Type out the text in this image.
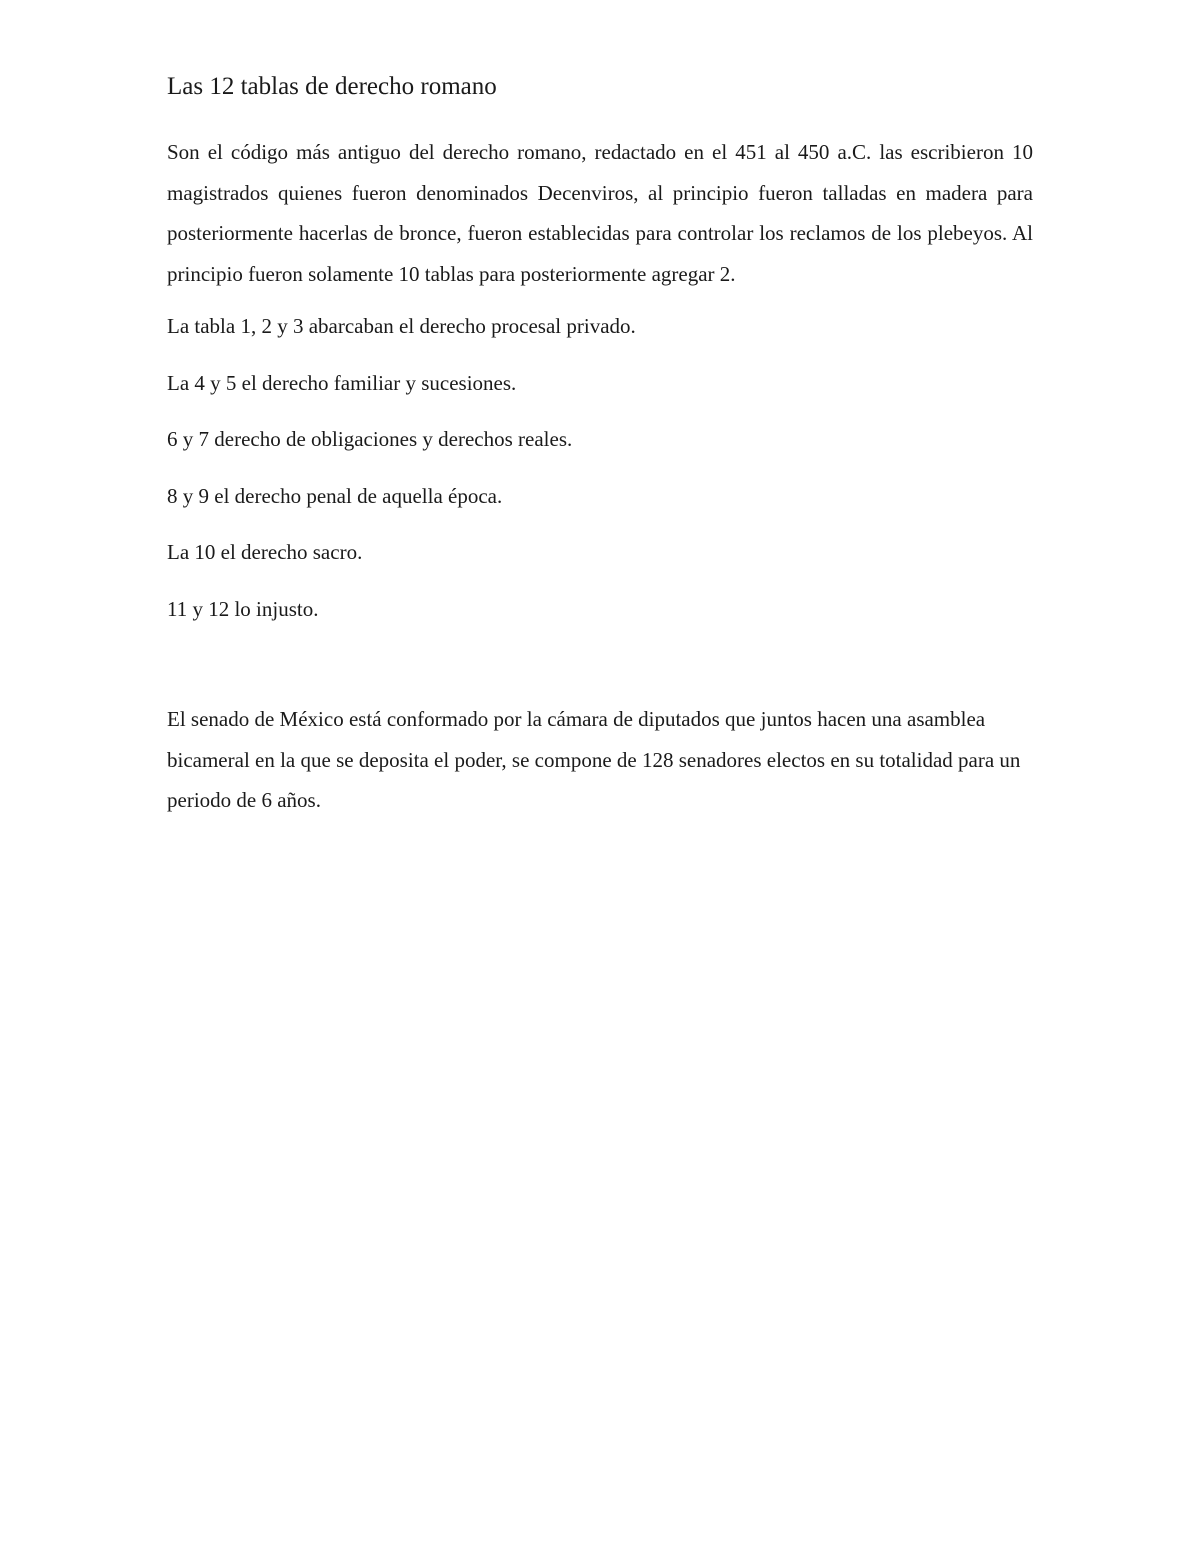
Las 12 tablas de derecho romano

Son el código más antiguo del derecho romano, redactado en el 451 al 450 a.C. las escribieron 10 magistrados quienes fueron denominados Decenviros, al principio fueron talladas en madera para posteriormente hacerlas de bronce, fueron establecidas para controlar los reclamos de los plebeyos. Al principio fueron solamente 10 tablas para posteriormente agregar 2.

La tabla 1, 2 y 3 abarcaban el derecho procesal privado.

La 4 y 5 el derecho familiar y sucesiones.

6 y 7 derecho de obligaciones y derechos reales.

8 y 9 el derecho penal de aquella época.

La 10 el derecho sacro.

11 y 12 lo injusto.

El senado de México está conformado por la cámara de diputados que juntos hacen una asamblea bicameral en la que se deposita el poder, se compone de 128 senadores electos en su totalidad para un periodo de 6 años.
